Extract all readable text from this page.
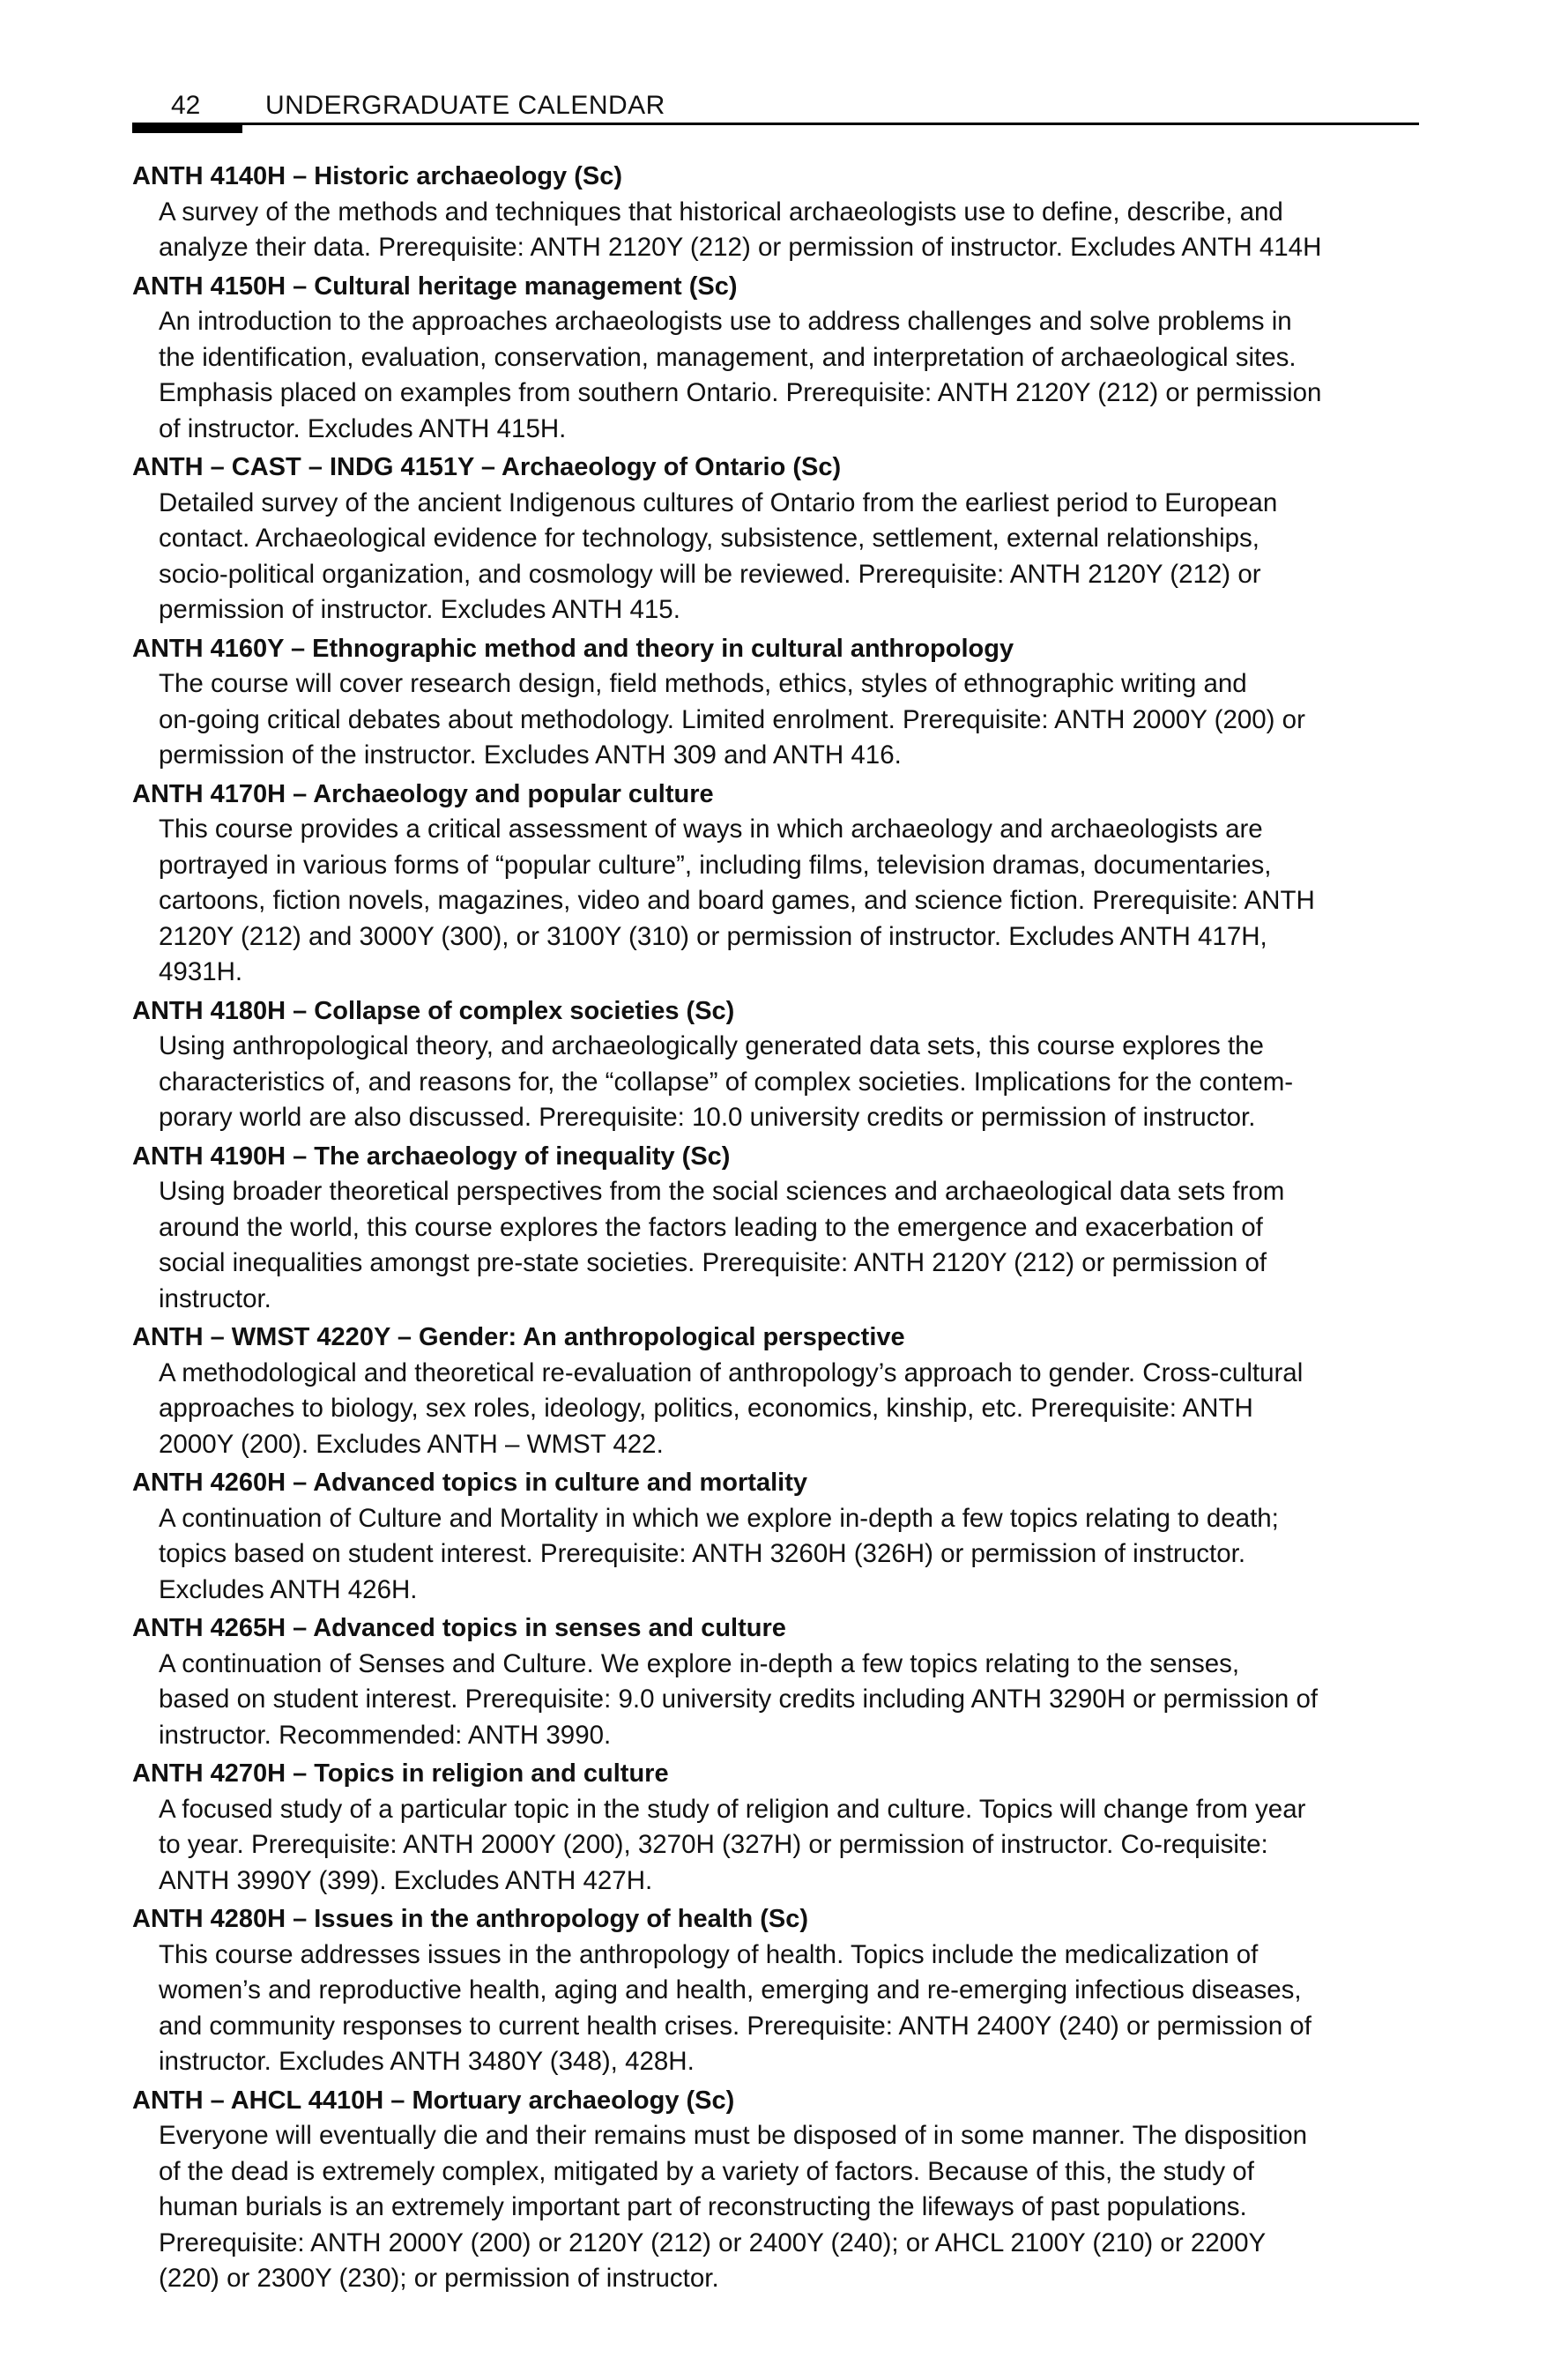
42	UNDERGRADUATE CALENDAR
ANTH 4140H – Historic archaeology (Sc)
A survey of the methods and techniques that historical archaeologists use to define, describe, and
analyze their data. Prerequisite: ANTH 2120Y (212) or permission of instructor. Excludes ANTH 414H
ANTH 4150H – Cultural heritage management (Sc)
An introduction to the approaches archaeologists use to address challenges and solve problems in
the identification, evaluation, conservation, management, and interpretation of archaeological sites.
Emphasis placed on examples from southern Ontario. Prerequisite: ANTH 2120Y (212) or permission
of instructor. Excludes ANTH 415H.
ANTH – CAST – INDG 4151Y – Archaeology of Ontario (Sc)
Detailed survey of the ancient Indigenous cultures of Ontario from the earliest period to European
contact. Archaeological evidence for technology, subsistence, settlement, external relationships,
socio-political organization, and cosmology will be reviewed. Prerequisite: ANTH 2120Y (212) or
permission of instructor. Excludes ANTH 415.
ANTH 4160Y – Ethnographic method and theory in cultural anthropology
The course will cover research design, field methods, ethics, styles of ethnographic writing and
on-going critical debates about methodology. Limited enrolment. Prerequisite: ANTH 2000Y (200) or
permission of the instructor. Excludes ANTH 309 and ANTH 416.
ANTH 4170H – Archaeology and popular culture
This course provides a critical assessment of ways in which archaeology and archaeologists are
portrayed in various forms of “popular culture”, including films, television dramas, documentaries,
cartoons, fiction novels, magazines, video and board games, and science fiction. Prerequisite: ANTH
2120Y (212) and 3000Y (300), or 3100Y (310) or permission of instructor. Excludes ANTH 417H,
4931H.
ANTH 4180H – Collapse of complex societies (Sc)
Using anthropological theory, and archaeologically generated data sets, this course explores the
characteristics of, and reasons for, the “collapse” of complex societies. Implications for the contem-
porary world are also discussed. Prerequisite: 10.0 university credits or permission of instructor.
ANTH 4190H – The archaeology of inequality (Sc)
Using broader theoretical perspectives from the social sciences and archaeological data sets from
around the world, this course explores the factors leading to the emergence and exacerbation of
social inequalities amongst pre-state societies. Prerequisite: ANTH 2120Y (212) or permission of
instructor.
ANTH – WMST 4220Y – Gender: An anthropological perspective
A methodological and theoretical re-evaluation of anthropology’s approach to gender. Cross-cultural
approaches to biology, sex roles, ideology, politics, economics, kinship, etc. Prerequisite: ANTH
2000Y (200). Excludes ANTH – WMST 422.
ANTH 4260H – Advanced topics in culture and mortality
A continuation of Culture and Mortality in which we explore in-depth a few topics relating to death;
topics based on student interest. Prerequisite: ANTH 3260H (326H) or permission of instructor.
Excludes ANTH 426H.
ANTH 4265H – Advanced topics in senses and culture
A continuation of Senses and Culture. We explore in-depth a few topics relating to the senses,
based on student interest. Prerequisite: 9.0 university credits including ANTH 3290H or permission of
instructor. Recommended: ANTH 3990.
ANTH 4270H – Topics in religion and culture
A focused study of a particular topic in the study of religion and culture. Topics will change from year
to year. Prerequisite: ANTH 2000Y (200), 3270H (327H) or permission of instructor. Co-requisite:
ANTH 3990Y (399). Excludes ANTH 427H.
ANTH 4280H – Issues in the anthropology of health (Sc)
This course addresses issues in the anthropology of health. Topics include the medicalization of
women’s and reproductive health, aging and health, emerging and re-emerging infectious diseases,
and community responses to current health crises. Prerequisite: ANTH 2400Y (240) or permission of
instructor. Excludes ANTH 3480Y (348), 428H.
ANTH – AHCL 4410H – Mortuary archaeology (Sc)
Everyone will eventually die and their remains must be disposed of in some manner. The disposition
of the dead is extremely complex, mitigated by a variety of factors. Because of this, the study of
human burials is an extremely important part of reconstructing the lifeways of past populations.
Prerequisite: ANTH 2000Y (200) or 2120Y (212) or 2400Y (240); or AHCL 2100Y (210) or 2200Y
(220) or 2300Y (230); or permission of instructor.
